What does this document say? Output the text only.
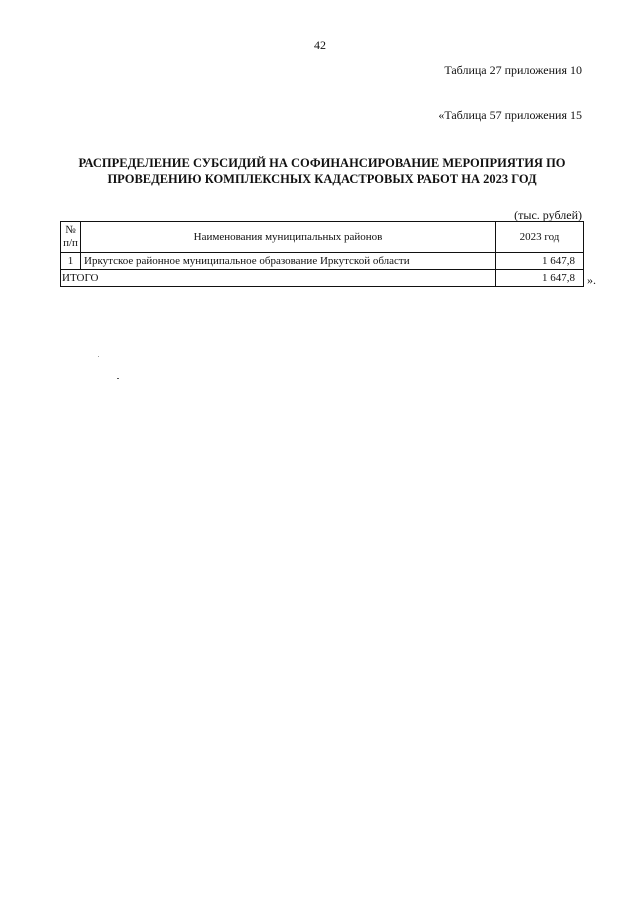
42
Таблица 27 приложения 10
«Таблица 57 приложения 15
РАСПРЕДЕЛЕНИЕ СУБСИДИЙ НА СОФИНАНСИРОВАНИЕ МЕРОПРИЯТИЯ ПО
ПРОВЕДЕНИЮ КОМПЛЕКСНЫХ КАДАСТРОВЫХ РАБОТ НА 2023 ГОД
(тыс. рублей)
№
п/п	Наименования муниципальных районов	2023 год
1	Иркутское районное муниципальное образование Иркутской области	1 647,8
ИТОГО		1 647,8 ».
